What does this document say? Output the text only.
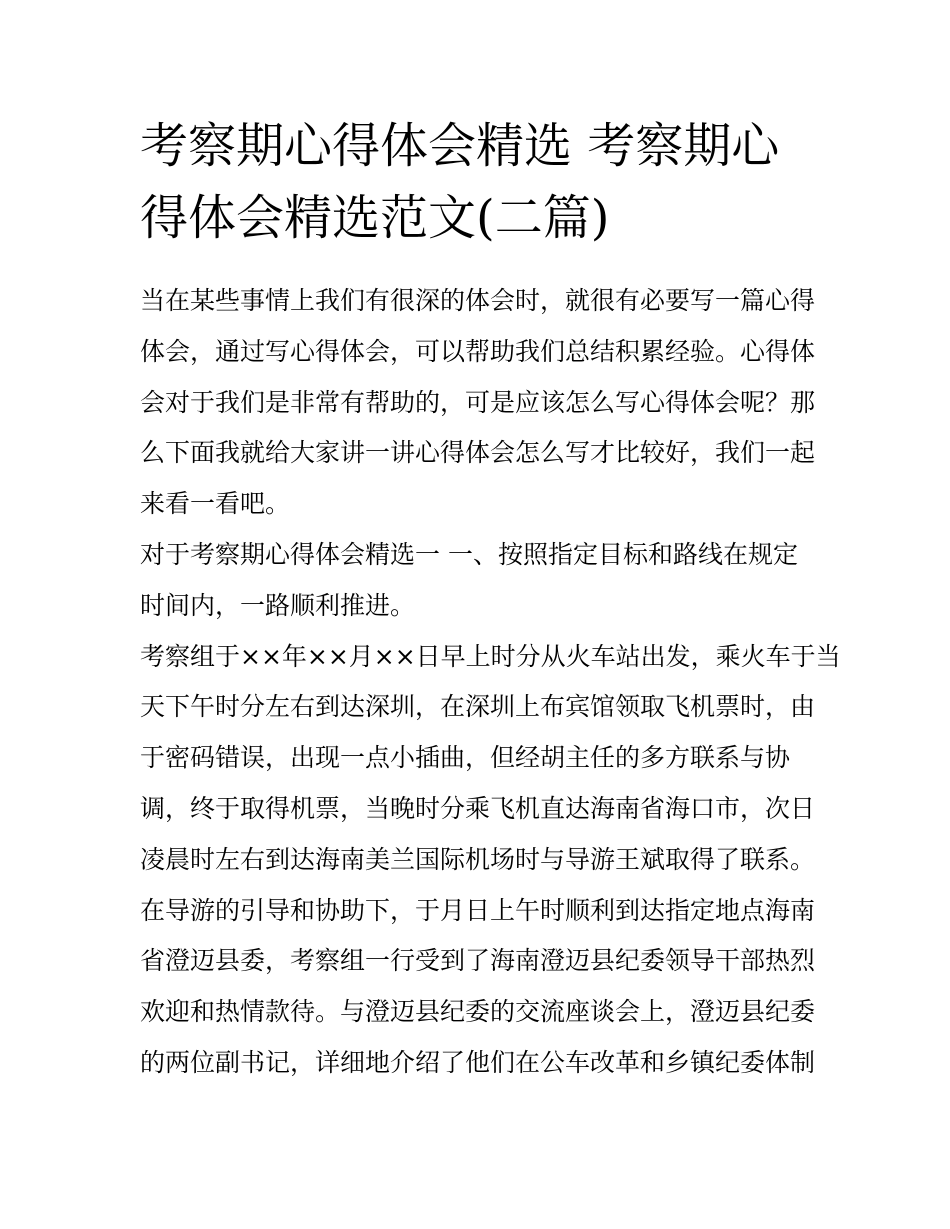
考察期心得体会精选 考察期心
得体会精选范文(二篇)
当在某些事情上我们有很深的体会时，就很有必要写一篇心得
体会，通过写心得体会，可以帮助我们总结积累经验。心得体
会对于我们是非常有帮助的，可是应该怎么写心得体会呢？那
么下面我就给大家讲一讲心得体会怎么写才比较好，我们一起
来看一看吧。
对于考察期心得体会精选一 一、按照指定目标和路线在规定
时间内，一路顺利推进。
考察组于××年××月××日早上时分从火车站出发，乘火车于当
天下午时分左右到达深圳，在深圳上布宾馆领取飞机票时，由
于密码错误，出现一点小插曲，但经胡主任的多方联系与协
调，终于取得机票，当晚时分乘飞机直达海南省海口市，次日
凌晨时左右到达海南美兰国际机场时与导游王斌取得了联系。
在导游的引导和协助下，于月日上午时顺利到达指定地点海南
省澄迈县委，考察组一行受到了海南澄迈县纪委领导干部热烈
欢迎和热情款待。与澄迈县纪委的交流座谈会上，澄迈县纪委
的两位副书记，详细地介绍了他们在公车改革和乡镇纪委体制
